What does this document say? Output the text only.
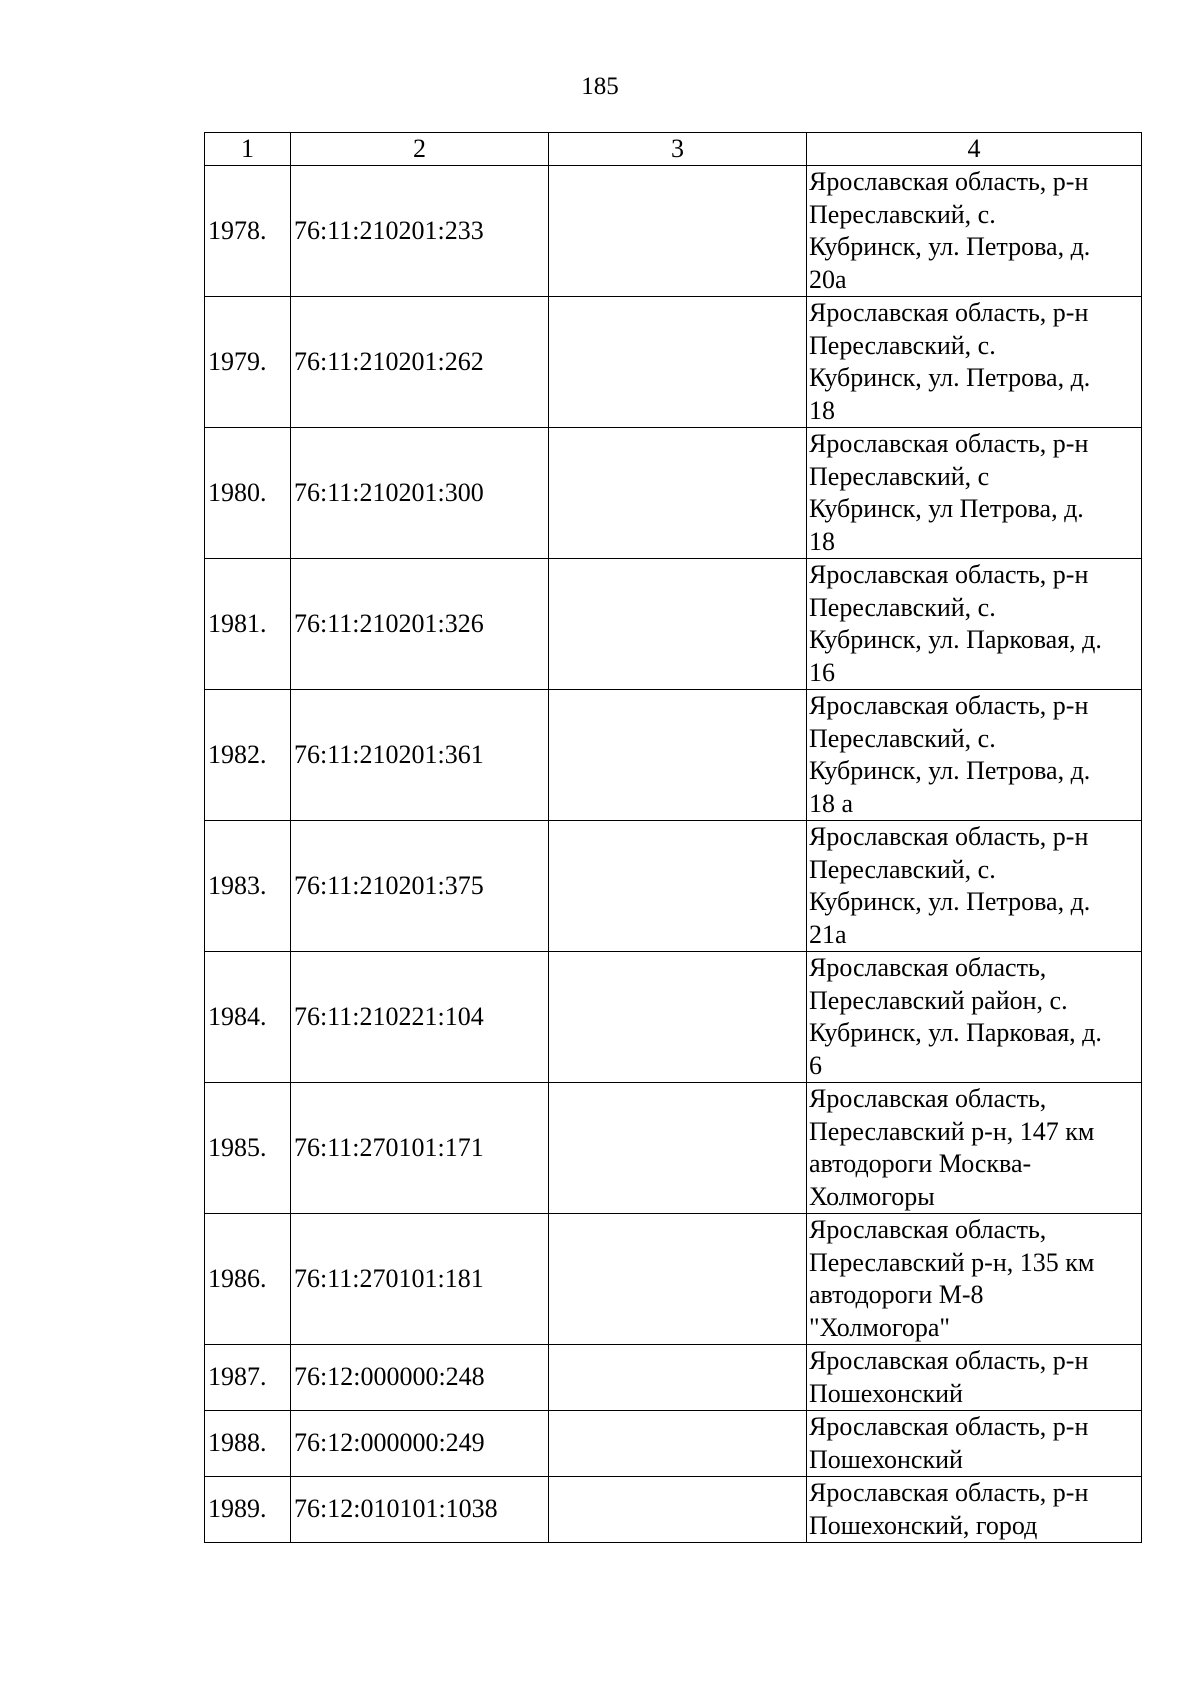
185
1	2	3	4
1978.	76:11:210201:233		Ярославская область, р-н
Переславский, с.
Кубринск, ул. Петрова, д.
20а
1979.	76:11:210201:262		Ярославская область, р-н
Переславский, с.
Кубринск, ул. Петрова, д.
18
1980.	76:11:210201:300		Ярославская область, р-н
Переславский, с
Кубринск, ул Петрова, д.
18
1981.	76:11:210201:326		Ярославская область, р-н
Переславский, с.
Кубринск, ул. Парковая, д.
16
1982.	76:11:210201:361		Ярославская область, р-н
Переславский, с.
Кубринск, ул. Петрова, д.
18 а
1983.	76:11:210201:375		Ярославская область, р-н
Переславский, с.
Кубринск, ул. Петрова, д.
21а
1984.	76:11:210221:104		Ярославская область,
Переславский район, с.
Кубринск, ул. Парковая, д.
6
1985.	76:11:270101:171		Ярославская область,
Переславский р-н, 147 км
автодороги Москва-
Холмогоры
1986.	76:11:270101:181		Ярославская область,
Переславский р-н, 135 км
автодороги М-8
"Холмогора"
1987.	76:12:000000:248		Ярославская область, р-н
Пошехонский
1988.	76:12:000000:249		Ярославская область, р-н
Пошехонский
1989.	76:12:010101:1038		Ярославская область, р-н
Пошехонский, город
